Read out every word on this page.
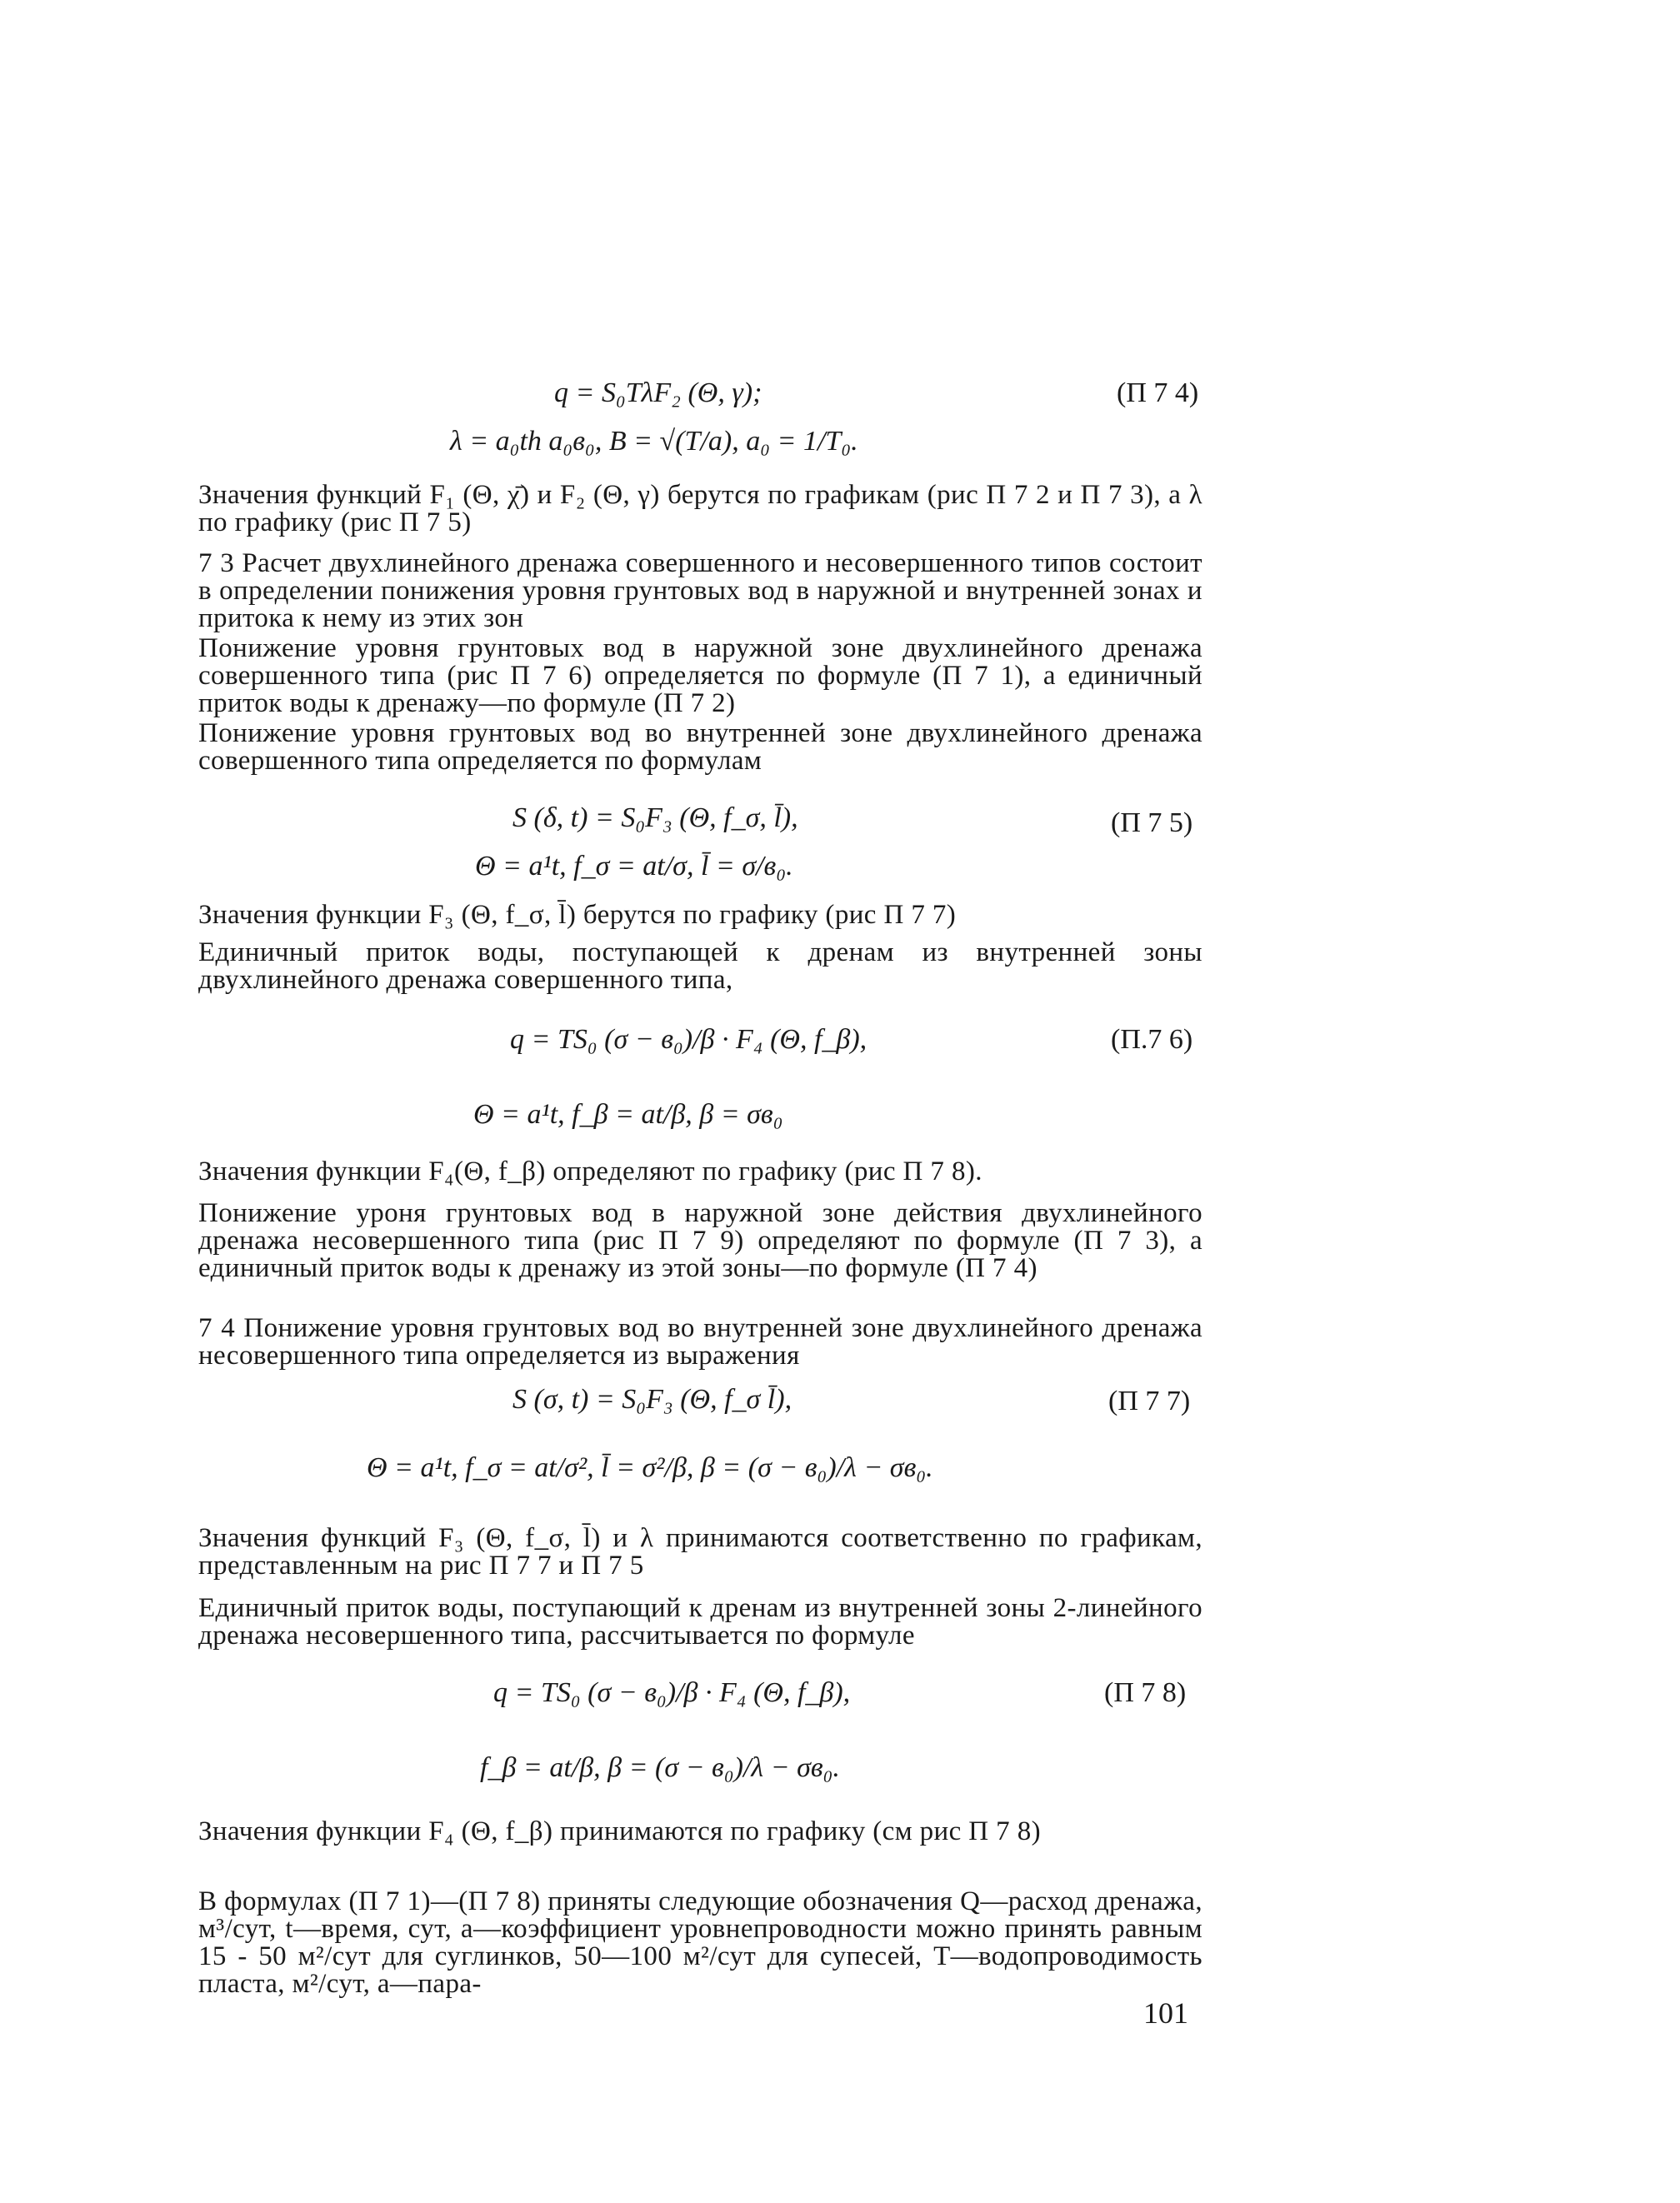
q = S₀TλF₂ (Θ, γ);	(П 7 4)
λ = a₀th a₀в₀, B = √(T/a), a₀ = 1/T₀.

Значения функций F₁ (Θ, χ̄) и F₂ (Θ, γ) берутся по графикам (рис П 7 2 и П 7 3), а λ по графику (рис П 7 5)

7 3 Расчет двухлинейного дренажа совершенного и несовершенного типов состоит в определении понижения уровня грунтовых вод в наружной и внутренней зонах и притока к нему из этих зон

Понижение уровня грунтовых вод в наружной зоне двухлинейного дренажа совершенного типа (рис П 7 6) определяется по формуле (П 7 1), а единичный приток воды к дренажу—по формуле (П 7 2)

Понижение уровня грунтовых вод во внутренней зоне двухлинейного дренажа совершенного типа определяется по формулам

S (δ, t) = S₀F₃ (Θ, f_σ, l̄),	(П 7 5)
Θ = a¹t, f_σ = at/σ, l̄ = σ/в₀.

Значения функции F₃ (Θ, f_σ, l̄) берутся по графику (рис П 7 7)

Единичный приток воды, поступающей к дренам из внутренней зоны двухлинейного дренажа совершенного типа,

q = TS₀ (σ − в₀)/β · F₄ (Θ, f_β),	(П.7 6)
Θ = a¹t, f_β = at/β, β = σв₀

Значения функции F₄(Θ, f_β) определяют по графику (рис П 7 8).

Понижение уроня грунтовых вод в наружной зоне действия двухлинейного дренажа несовершенного типа (рис П 7 9) определяют по формуле (П 7 3), а единичный приток воды к дренажу из этой зоны—по формуле (П 7 4)

7 4 Понижение уровня грунтовых вод во внутренней зоне двухлинейного дренажа несовершенного типа определяется из выражения

S (σ, t) = S₀F₃ (Θ, f_σ l̄),	(П 7 7)
Θ = a¹t, f_σ = at/σ², l̄ = σ²/β, β = (σ − в₀)/λ − σв₀.

Значения функций F₃ (Θ, f_σ, l̄) и λ принимаются соответственно по графикам, представленным на рис П 7 7 и П 7 5

Единичный приток воды, поступающий к дренам из внутренней зоны 2-линейного дренажа несовершенного типа, рассчитывается по формуле

q = TS₀ (σ − в₀)/β · F₄ (Θ, f_β),	(П 7 8)
f_β = at/β, β = (σ − в₀)/λ − σв₀.

Значения функции F₄ (Θ, f_β) принимаются по графику (см рис П 7 8)

В формулах (П 7 1)—(П 7 8) приняты следующие обозначения Q—расход дренажа, м³/сут, t—время, сут, a—коэффициент уровнепроводности можно принять равным 15 - 50 м²/сут для суглинков, 50—100 м²/сут для супесей, T—водопроводимость пласта, м²/сут, a—пара-

101
